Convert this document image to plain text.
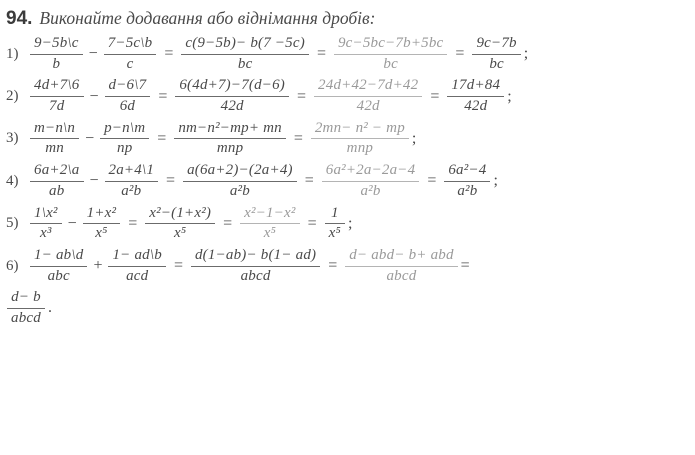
94. Виконайте додавання або віднімання дробів:
$1) \frac{9-5b\backslash c}{b} - \frac{7-5c\backslash b}{c} = \frac{c(9-5b)- b(7 -5c)}{bc} = \frac{9c-5bc-7b+5bc}{bc} = \frac{9c-7b}{bc}$ ;
$2) \frac{4d+7\backslash 6}{7d} - \frac{d-6\backslash 7}{6d} = \frac{6(4d+7)-7(d-6)}{42d} = \frac{24d+42-7d+42}{42d} = \frac{17d+84}{42d}$ ;
$3) \frac{m-n\backslash n}{mn} - \frac{p-n\backslash m}{np} = \frac{\text{nm−n²−mp+ mn}}{\text{mnp}} = \frac{\text{2mn− n² − mp}}{\text{mnp}}$ ;
$4) \frac{6a+2\backslash a}{ab} - \frac{2a+4\backslash 1}{\text{a²b}} = \frac{a(6a+2)-(2a+4)}{\text{a²b}} = \frac{\text{6a²+2a−2a−4}}{\text{a²b}} = \frac{\text{6a²−4}}{\text{a²b}}$ ;
$5) \frac{\text{1\textbackslash{}x²}}{\text{x³}} - \frac{\text{1+x²}}{\text{x⁵}} = \frac{\text{x²−(1+x²)}}{\text{x⁵}} = \frac{\text{x²−1−x²}}{\text{x⁵}} = \frac{1}{\text{x⁵}}$ ;
$6) \frac{1- ab\backslash d}{\text{abc}} + \frac{1- ad\backslash b}{\text{acd}} = \frac{d(1-ab)- b(1- ad)}{\text{abcd}} = \frac{\text{d− abd− b+ abd}}{\text{abcd}}$ =
$\frac{d- b}{\text{abcd}}$ .
